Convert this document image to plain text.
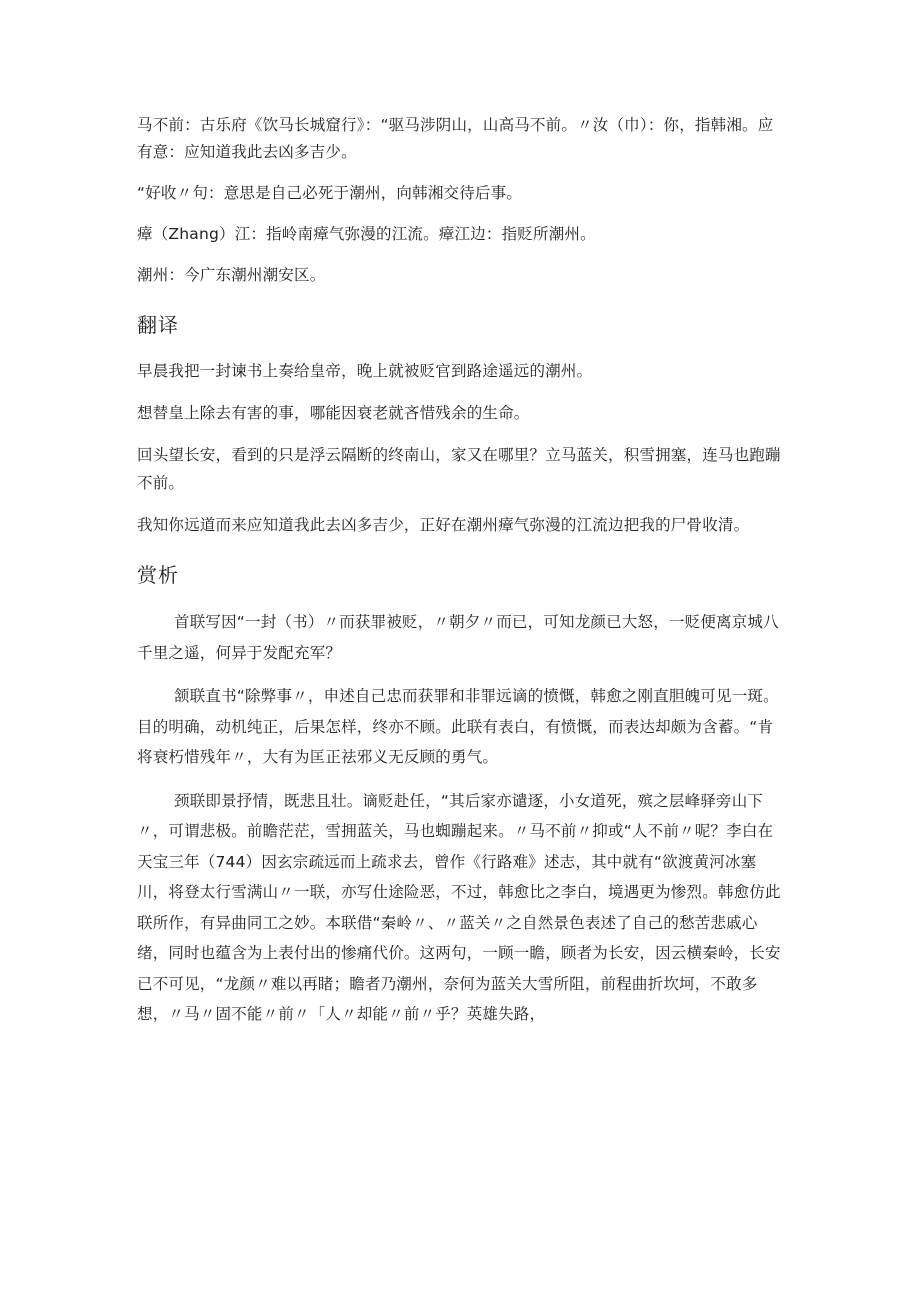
马不前：古乐府《饮马长城窟行》：“驱马涉阴山，山高马不前。〃汝（巾）：你，指韩湘。应有意：应知道我此去凶多吉少。

“好收〃句：意思是自己必死于潮州，向韩湘交待后事。

瘴（Zhang）江：指岭南瘴气弥漫的江流。瘴江边：指贬所潮州。

潮州：今广东潮州潮安区。

翻译

早晨我把一封谏书上奏给皇帝，晚上就被贬官到路途遥远的潮州。

想替皇上除去有害的事，哪能因衰老就吝惜残余的生命。

回头望长安，看到的只是浮云隔断的终南山，家又在哪里？立马蓝关，积雪拥塞，连马也跑蹦不前。

我知你远道而来应知道我此去凶多吉少，正好在潮州瘴气弥漫的江流边把我的尸骨收清。

赏析

首联写因“一封（书）〃而获罪被贬，〃朝夕〃而已，可知龙颜已大怒，一贬便离京城八千里之遥，何异于发配充军？

颔联直书“除弊事〃，申述自己忠而获罪和非罪远谪的愤慨，韩愈之刚直胆魄可见一斑。目的明确，动机纯正，后果怎样，终亦不顾。此联有表白，有愤慨，而表达却颇为含蓄。“肯将衰朽惜残年〃，大有为匡正祛邪义无反顾的勇气。

颈联即景抒情，既悲且壮。谪贬赴任，“其后家亦谴逐，小女道死，殡之层峰驿旁山下〃，可谓悲极。前瞻茫茫，雪拥蓝关，马也蜘蹦起来。〃马不前〃抑或“人不前〃呢？李白在天宝三年（744）因玄宗疏远而上疏求去，曾作《行路难》述志，其中就有“欲渡黄河冰塞川，将登太行雪满山〃一联，亦写仕途险恶，不过，韩愈比之李白，境遇更为惨烈。韩愈仿此联所作，有异曲同工之妙。本联借“秦岭〃、〃蓝关〃之自然景色表述了自己的愁苦悲戚心绪，同时也蕴含为上表付出的惨痛代价。这两句，一顾一瞻，顾者为长安，因云横秦岭，长安已不可见，“龙颜〃难以再睹；瞻者乃潮州，奈何为蓝关大雪所阻，前程曲折坎坷，不敢多想，〃马〃固不能〃前〃「人〃却能〃前〃乎？英雄失路，
